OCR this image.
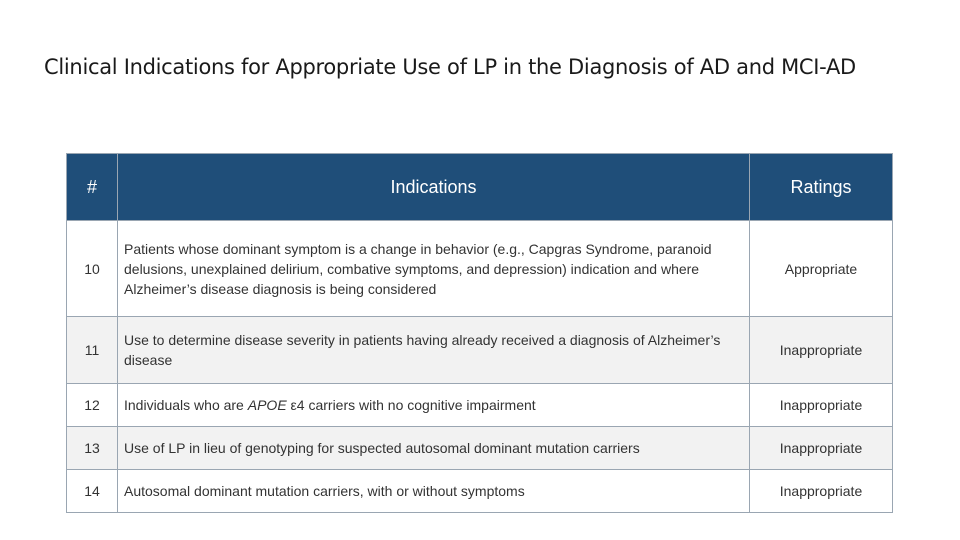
Clinical Indications for Appropriate Use of LP in the Diagnosis of AD and MCI-AD
#	Indications	Ratings
10	Patients whose dominant symptom is a change in behavior (e.g., Capgras Syndrome, paranoid delusions, unexplained delirium, combative symptoms, and depression) indication and where Alzheimer’s disease diagnosis is being considered	Appropriate
11	Use to determine disease severity in patients having already received a diagnosis of Alzheimer’s disease	Inappropriate
12	Individuals who are APOE ε4 carriers with no cognitive impairment	Inappropriate
13	Use of LP in lieu of genotyping for suspected autosomal dominant mutation carriers	Inappropriate
14	Autosomal dominant mutation carriers, with or without symptoms	Inappropriate
